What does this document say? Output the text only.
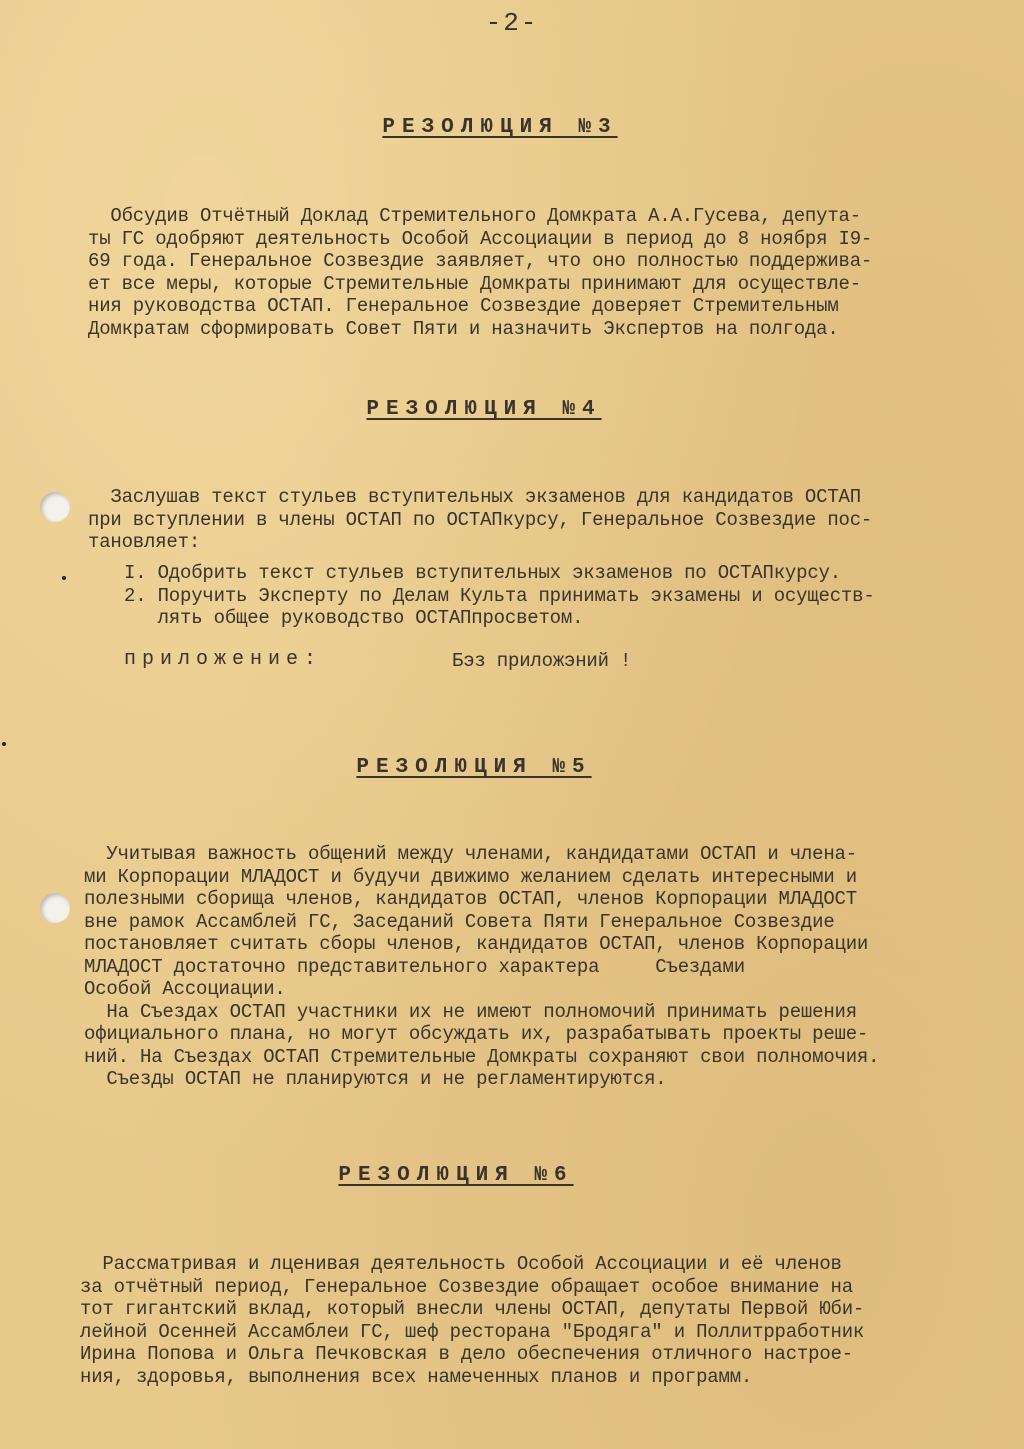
-2-
РЕЗОЛЮЦИЯ №3
Обсудив Отчётный Доклад Стремительного Домкрата А.А.Гусева, депута-
ты ГС одобряют деятельность Особой Ассоциации в период до 8 ноября I9-
69 года. Генеральное Созвездие заявляет, что оно полностью поддержива-
ет все меры, которые Стремительные Домкраты принимают для осуществле-
ния руководства ОСТАП. Генеральное Созвездие доверяет Стремительным
Домкратам сформировать Совет Пяти и назначить Экспертов на полгода.
РЕЗОЛЮЦИЯ №4
Заслушав текст стульев вступительных экзаменов для кандидатов ОСТАП
при вступлении в члены ОСТАП по ОСТАПкурсу, Генеральное Созвездие пос-
тановляет:
I. Одобрить текст стульев вступительных экзаменов по ОСТАПкурсу.
2. Поручить Эксперту по Делам Культа принимать экзамены и осуществ-
лять общее руководство ОСТАПпросветом.
приложение:	Бэз приложэний !
РЕЗОЛЮЦИЯ №5
Учитывая важность общений между членами, кандидатами ОСТАП и члена-
ми Корпорации МЛАДОСТ и будучи движимо желанием сделать интересными и
полезными сборища членов, кандидатов ОСТАП, членов Корпорации МЛАДОСТ
вне рамок Ассамблей ГС, Заседаний Совета Пяти Генеральное Созвездие
постановляет считать сборы членов, кандидатов ОСТАП, членов Корпорации
МЛАДОСТ достаточно представительного характера     Съездами
Особой Ассоциации.
На Съездах ОСТАП участники их не имеют полномочий принимать решения
официального плана, но могут обсуждать их, разрабатывать проекты реше-
ний. На Съездах ОСТАП Стремительные Домкраты сохраняют свои полномочия.
Съезды ОСТАП не планируются и не регламентируются.
РЕЗОЛЮЦИЯ №6
Рассматривая и лценивая деятельность Особой Ассоциации и её членов
за отчётный период, Генеральное Созвездие обращает особое внимание на
тот гигантский вклад, который внесли члены ОСТАП, депутаты Первой Юби-
лейной Осенней Ассамблеи ГС, шеф ресторана "Бродяга" и Поллитрработник
Ирина Попова и Ольга Печковская в дело обеспечения отличного настрое-
ния, здоровья, выполнения всех намеченных планов и программ.
